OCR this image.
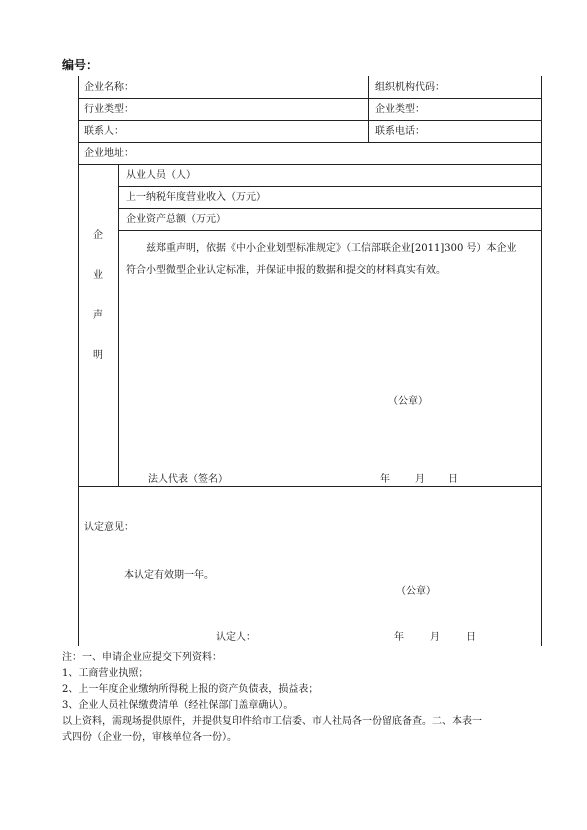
编号：
企业名称：	组织机构代码：
行业类型：	企业类型：
联系人：	联系电话：
企业地址：
企
业
声
明
从业人员（人）
上一纳税年度营业收入（万元）
企业资产总额（万元）
兹郑重声明，依据《中小企业划型标准规定》（工信部联企业[2011]300 号）本企业符合小型微型企业认定标准，并保证申报的数据和提交的材料真实有效。
（公章）
法人代表（签名）	年	月 日
认定意见：
本认定有效期一年。
（公章）
认定人：	年	月	日
注：一、申请企业应提交下列资料：
1、工商营业执照；
2、上一年度企业缴纳所得税上报的资产负债表，损益表；
3、企业人员社保缴费清单（经社保部门盖章确认）。
以上资料，需现场提供原件，并提供复印件给市工信委、市人社局各一份留底备查。二、本表一
式四份（企业一份，审核单位各一份）。
